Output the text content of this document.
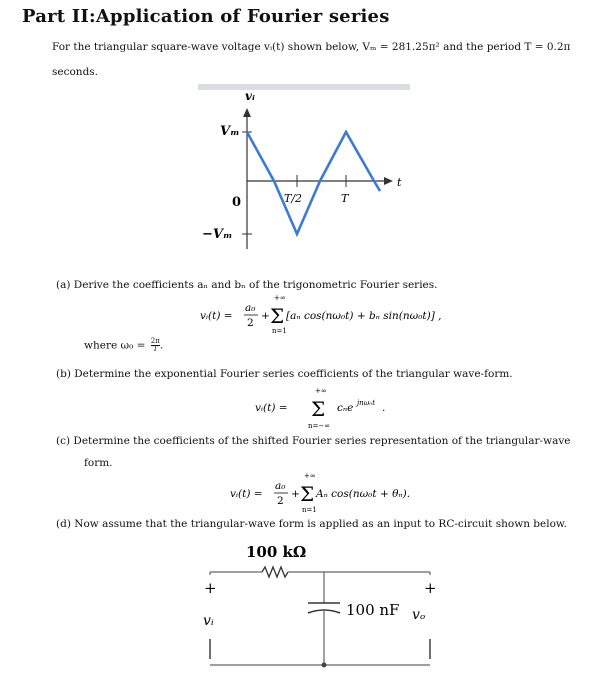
Part II:Application of Fourier series
For the triangular square-wave voltage vᵢ(t) shown below, Vₘ = 281.25π² and the period T = 0.2π
seconds.
vᵢ
Vₘ
0
−Vₘ
T/2	T
t
(a) Derive the coefficients aₙ and bₙ of the trigonometric Fourier series.
vᵢ(t) =
a₀
2
+
+∞
Σ
n=1
[aₙ cos(nω₀t) + bₙ sin(nω₀t)] ,
where $\omega_0 = \frac{2\pi}{T}$ .
(b) Determine the exponential Fourier series coefficients of the triangular wave-form.
vᵢ(t) =
+∞
Σ
n=−∞
cₙe jnω₀t .
(c) Determine the coefficients of the shifted Fourier series representation of the triangular-wave
form.
vᵢ(t) =
a₀
2
+
+∞
Σ
n=1
Aₙ cos(nω₀t + θₙ).
(d) Now assume that the triangular-wave form is applied as an input to RC-circuit shown below.
100 kΩ
+
vᵢ
100 nF vₒ
+
